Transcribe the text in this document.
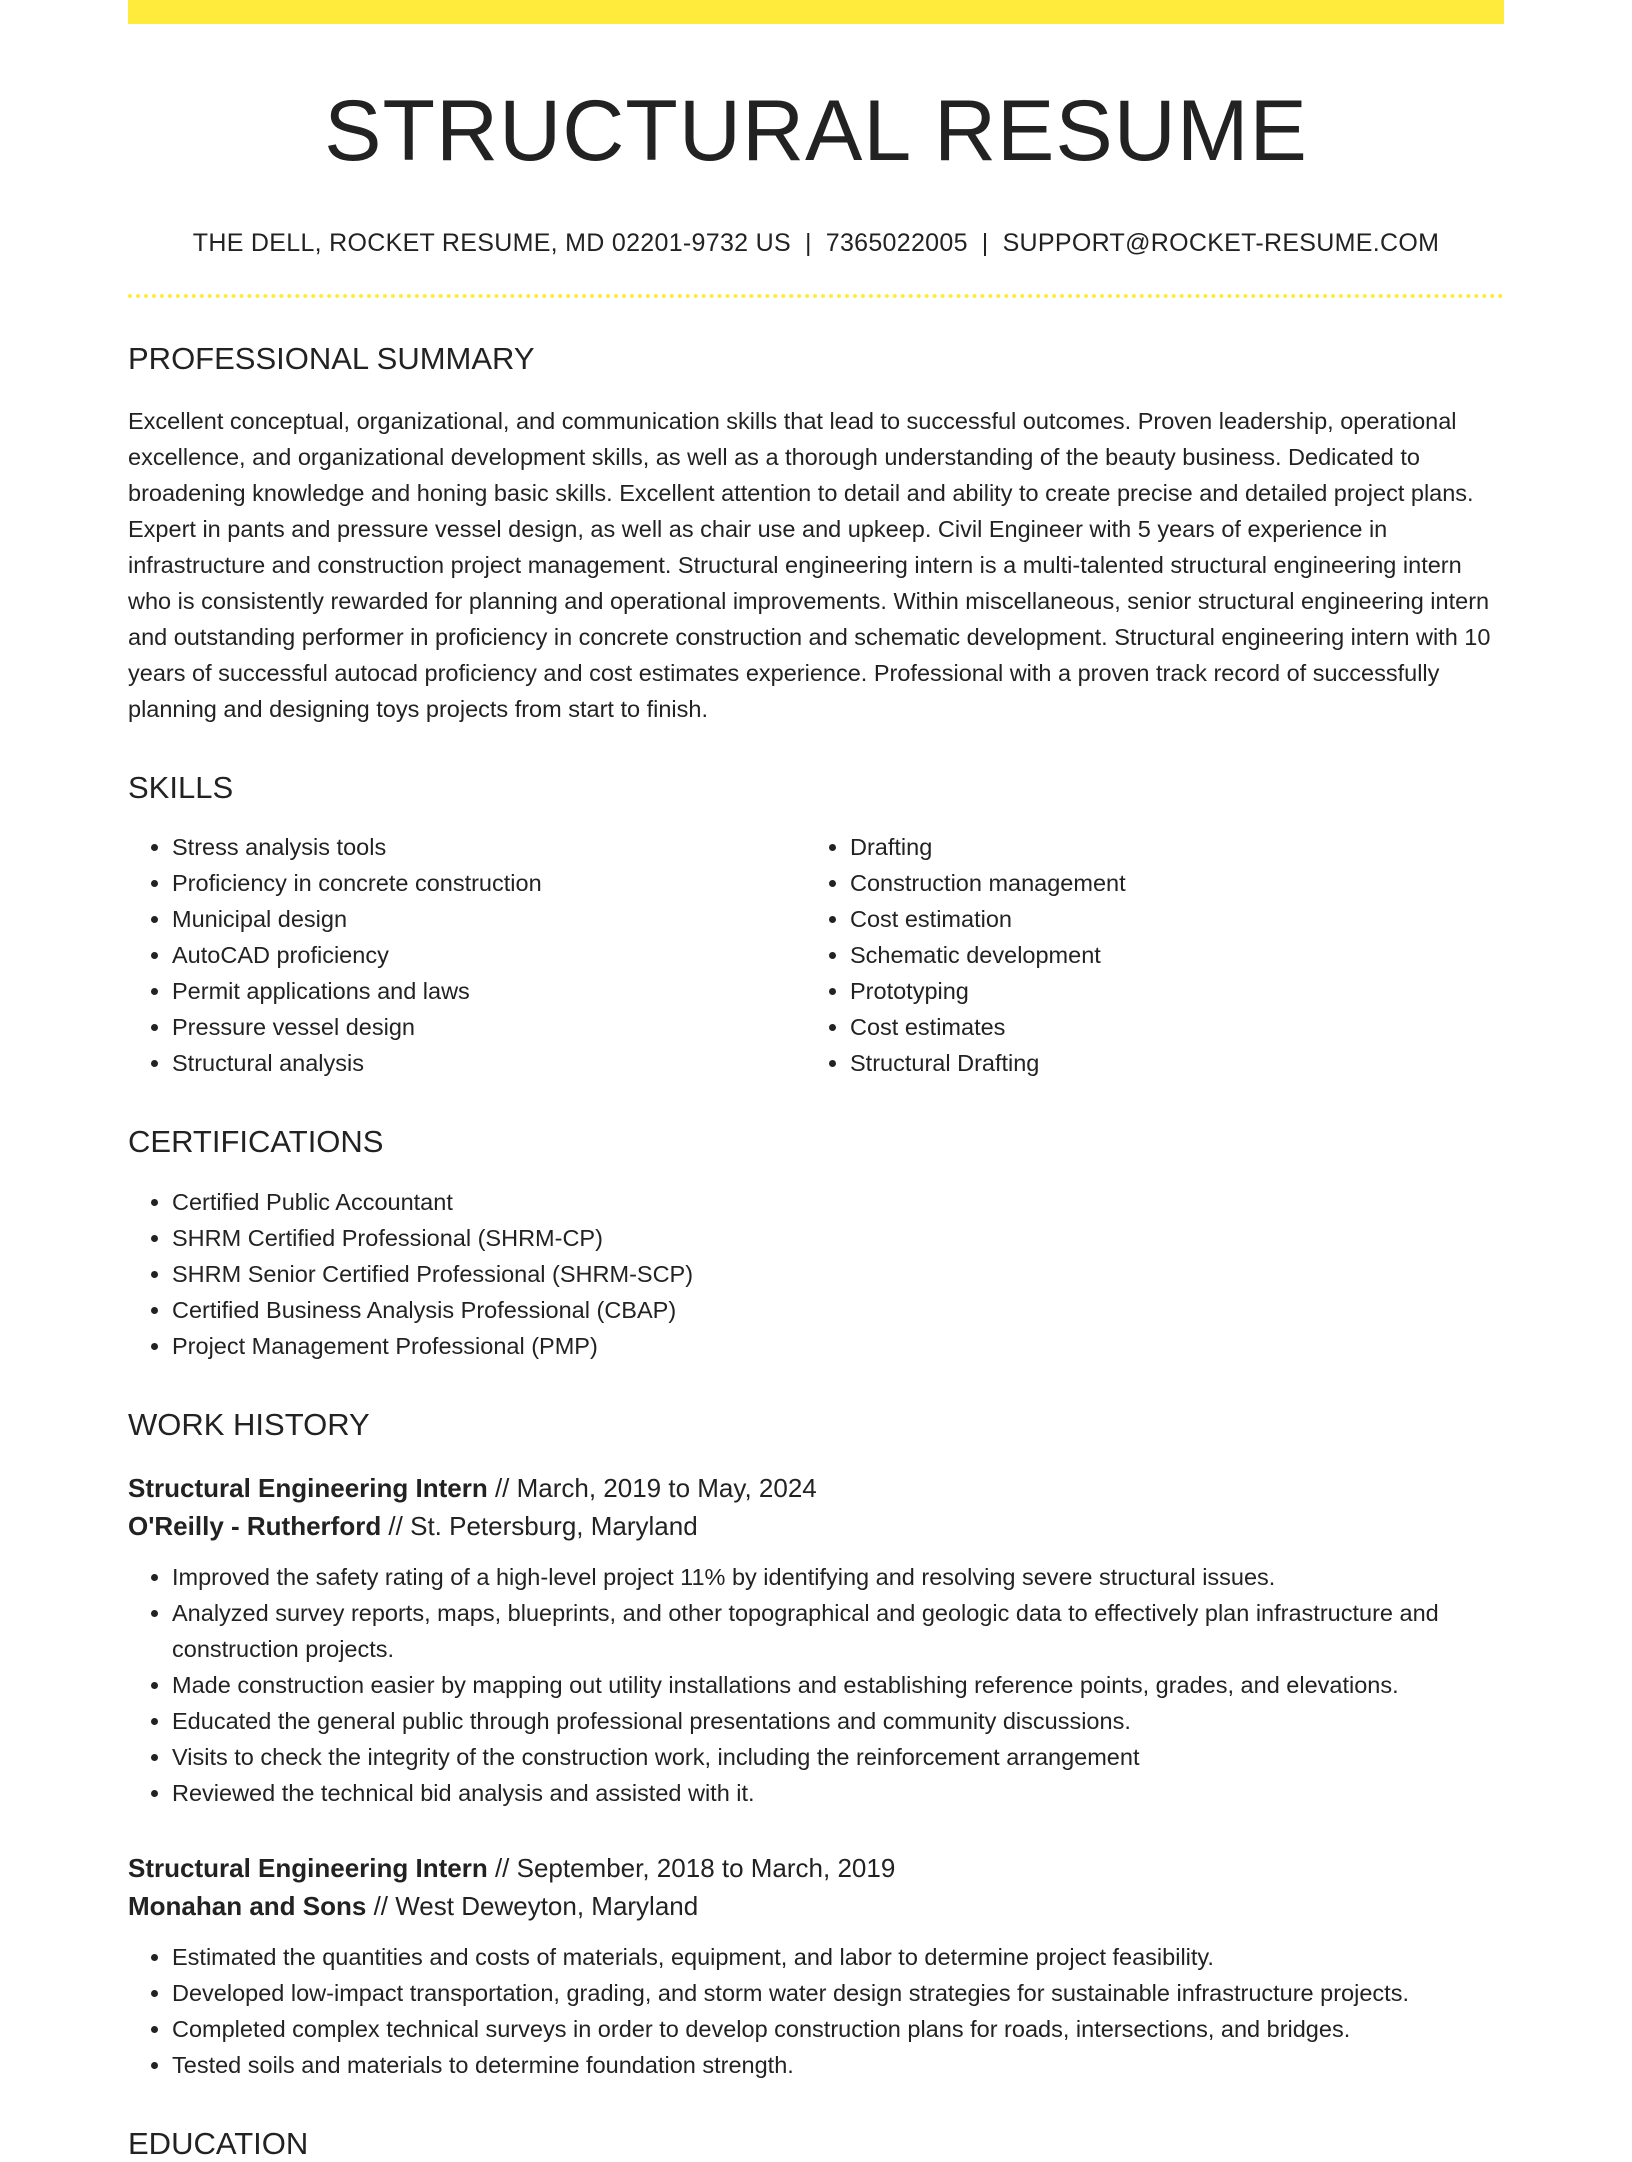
STRUCTURAL RESUME
THE DELL, ROCKET RESUME, MD 02201-9732 US | 7365022005 | SUPPORT@ROCKET-RESUME.COM
PROFESSIONAL SUMMARY
Excellent conceptual, organizational, and communication skills that lead to successful outcomes. Proven leadership, operational excellence, and organizational development skills, as well as a thorough understanding of the beauty business. Dedicated to broadening knowledge and honing basic skills. Excellent attention to detail and ability to create precise and detailed project plans. Expert in pants and pressure vessel design, as well as chair use and upkeep. Civil Engineer with 5 years of experience in infrastructure and construction project management. Structural engineering intern is a multi-talented structural engineering intern who is consistently rewarded for planning and operational improvements. Within miscellaneous, senior structural engineering intern and outstanding performer in proficiency in concrete construction and schematic development. Structural engineering intern with 10 years of successful autocad proficiency and cost estimates experience. Professional with a proven track record of successfully planning and designing toys projects from start to finish.
SKILLS
• Stress analysis tools
• Proficiency in concrete construction
• Municipal design
• AutoCAD proficiency
• Permit applications and laws
• Pressure vessel design
• Structural analysis
• Drafting
• Construction management
• Cost estimation
• Schematic development
• Prototyping
• Cost estimates
• Structural Drafting
CERTIFICATIONS
• Certified Public Accountant
• SHRM Certified Professional (SHRM-CP)
• SHRM Senior Certified Professional (SHRM-SCP)
• Certified Business Analysis Professional (CBAP)
• Project Management Professional (PMP)
WORK HISTORY
Structural Engineering Intern // March, 2019 to May, 2024
O'Reilly - Rutherford // St. Petersburg, Maryland
• Improved the safety rating of a high-level project 11% by identifying and resolving severe structural issues.
• Analyzed survey reports, maps, blueprints, and other topographical and geologic data to effectively plan infrastructure and construction projects.
• Made construction easier by mapping out utility installations and establishing reference points, grades, and elevations.
• Educated the general public through professional presentations and community discussions.
• Visits to check the integrity of the construction work, including the reinforcement arrangement
• Reviewed the technical bid analysis and assisted with it.
Structural Engineering Intern // September, 2018 to March, 2019
Monahan and Sons // West Deweyton, Maryland
• Estimated the quantities and costs of materials, equipment, and labor to determine project feasibility.
• Developed low-impact transportation, grading, and storm water design strategies for sustainable infrastructure projects.
• Completed complex technical surveys in order to develop construction plans for roads, intersections, and bridges.
• Tested soils and materials to determine foundation strength.
EDUCATION
